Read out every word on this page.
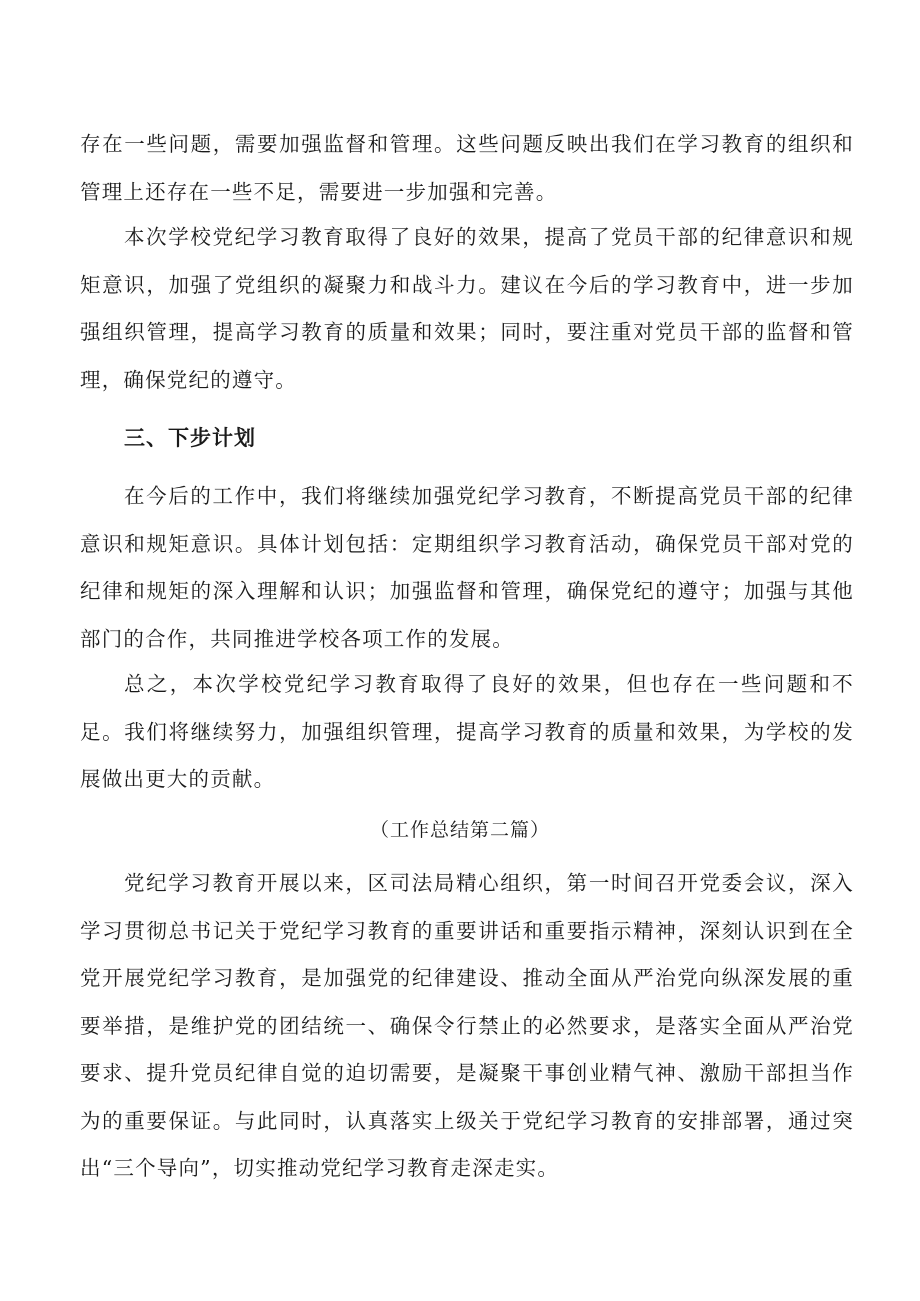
存在一些问题，需要加强监督和管理。这些问题反映出我们在学习教育的组织和管理上还存在一些不足，需要进一步加强和完善。

本次学校党纪学习教育取得了良好的效果，提高了党员干部的纪律意识和规矩意识，加强了党组织的凝聚力和战斗力。建议在今后的学习教育中，进一步加强组织管理，提高学习教育的质量和效果；同时，要注重对党员干部的监督和管理，确保党纪的遵守。

三、下步计划

在今后的工作中，我们将继续加强党纪学习教育，不断提高党员干部的纪律意识和规矩意识。具体计划包括：定期组织学习教育活动，确保党员干部对党的纪律和规矩的深入理解和认识；加强监督和管理，确保党纪的遵守；加强与其他部门的合作，共同推进学校各项工作的发展。

总之，本次学校党纪学习教育取得了良好的效果，但也存在一些问题和不足。我们将继续努力，加强组织管理，提高学习教育的质量和效果，为学校的发展做出更大的贡献。

（工作总结第二篇）

党纪学习教育开展以来，区司法局精心组织，第一时间召开党委会议，深入学习贯彻总书记关于党纪学习教育的重要讲话和重要指示精神，深刻认识到在全党开展党纪学习教育，是加强党的纪律建设、推动全面从严治党向纵深发展的重要举措，是维护党的团结统一、确保令行禁止的必然要求，是落实全面从严治党要求、提升党员纪律自觉的迫切需要，是凝聚干事创业精气神、激励干部担当作为的重要保证。与此同时，认真落实上级关于党纪学习教育的安排部署，通过突出“三个导向”，切实推动党纪学习教育走深走实。
